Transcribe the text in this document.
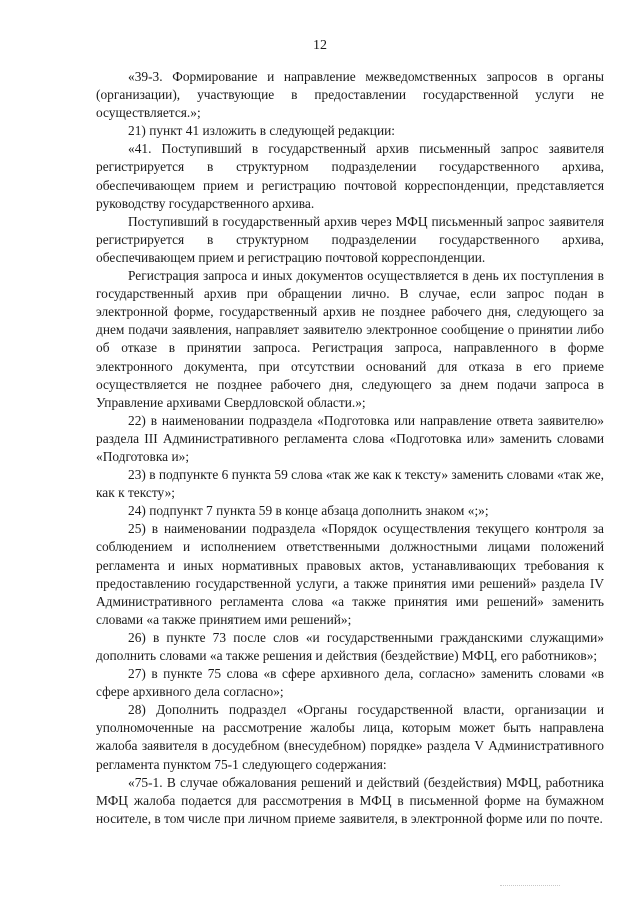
12

«39-3. Формирование и направление межведомственных запросов в органы (организации), участвующие в предоставлении государственной услуги не осуществляется.»;

21) пункт 41 изложить в следующей редакции:

«41. Поступивший в государственный архив письменный запрос заявителя регистрируется в структурном подразделении государственного архива, обеспечивающем прием и регистрацию почтовой корреспонденции, представляется руководству государственного архива.

Поступивший в государственный архив через МФЦ письменный запрос заявителя регистрируется в структурном подразделении государственного архива, обеспечивающем прием и регистрацию почтовой корреспонденции.

Регистрация запроса и иных документов осуществляется в день их поступления в государственный архив при обращении лично. В случае, если запрос подан в электронной форме, государственный архив не позднее рабочего дня, следующего за днем подачи заявления, направляет заявителю электронное сообщение о принятии либо об отказе в принятии запроса. Регистрация запроса, направленного в форме электронного документа, при отсутствии оснований для отказа в его приеме осуществляется не позднее рабочего дня, следующего за днем подачи запроса в Управление архивами Свердловской области.»;

22) в наименовании подраздела «Подготовка или направление ответа заявителю» раздела III Административного регламента слова «Подготовка или» заменить словами «Подготовка и»;

23) в подпункте 6 пункта 59 слова «так же как к тексту» заменить словами «так же, как к тексту»;

24) подпункт 7 пункта 59 в конце абзаца дополнить знаком «;»;

25) в наименовании подраздела «Порядок осуществления текущего контроля за соблюдением и исполнением ответственными должностными лицами положений регламента и иных нормативных правовых актов, устанавливающих требования к предоставлению государственной услуги, а также принятия ими решений» раздела IV Административного регламента слова «а также принятия ими решений» заменить словами «а также принятием ими решений»;

26) в пункте 73 после слов «и государственными гражданскими служащими» дополнить словами «а также решения и действия (бездействие) МФЦ, его работников»;

27) в пункте 75 слова «в сфере архивного дела, согласно» заменить словами «в сфере архивного дела согласно»;

28) Дополнить подраздел «Органы государственной власти, организации и уполномоченные на рассмотрение жалобы лица, которым может быть направлена жалоба заявителя в досудебном (внесудебном) порядке» раздела V Административного регламента пунктом 75-1 следующего содержания:

«75-1. В случае обжалования решений и действий (бездействия) МФЦ, работника МФЦ жалоба подается для рассмотрения в МФЦ в письменной форме на бумажном носителе, в том числе при личном приеме заявителя, в электронной форме или по почте.
